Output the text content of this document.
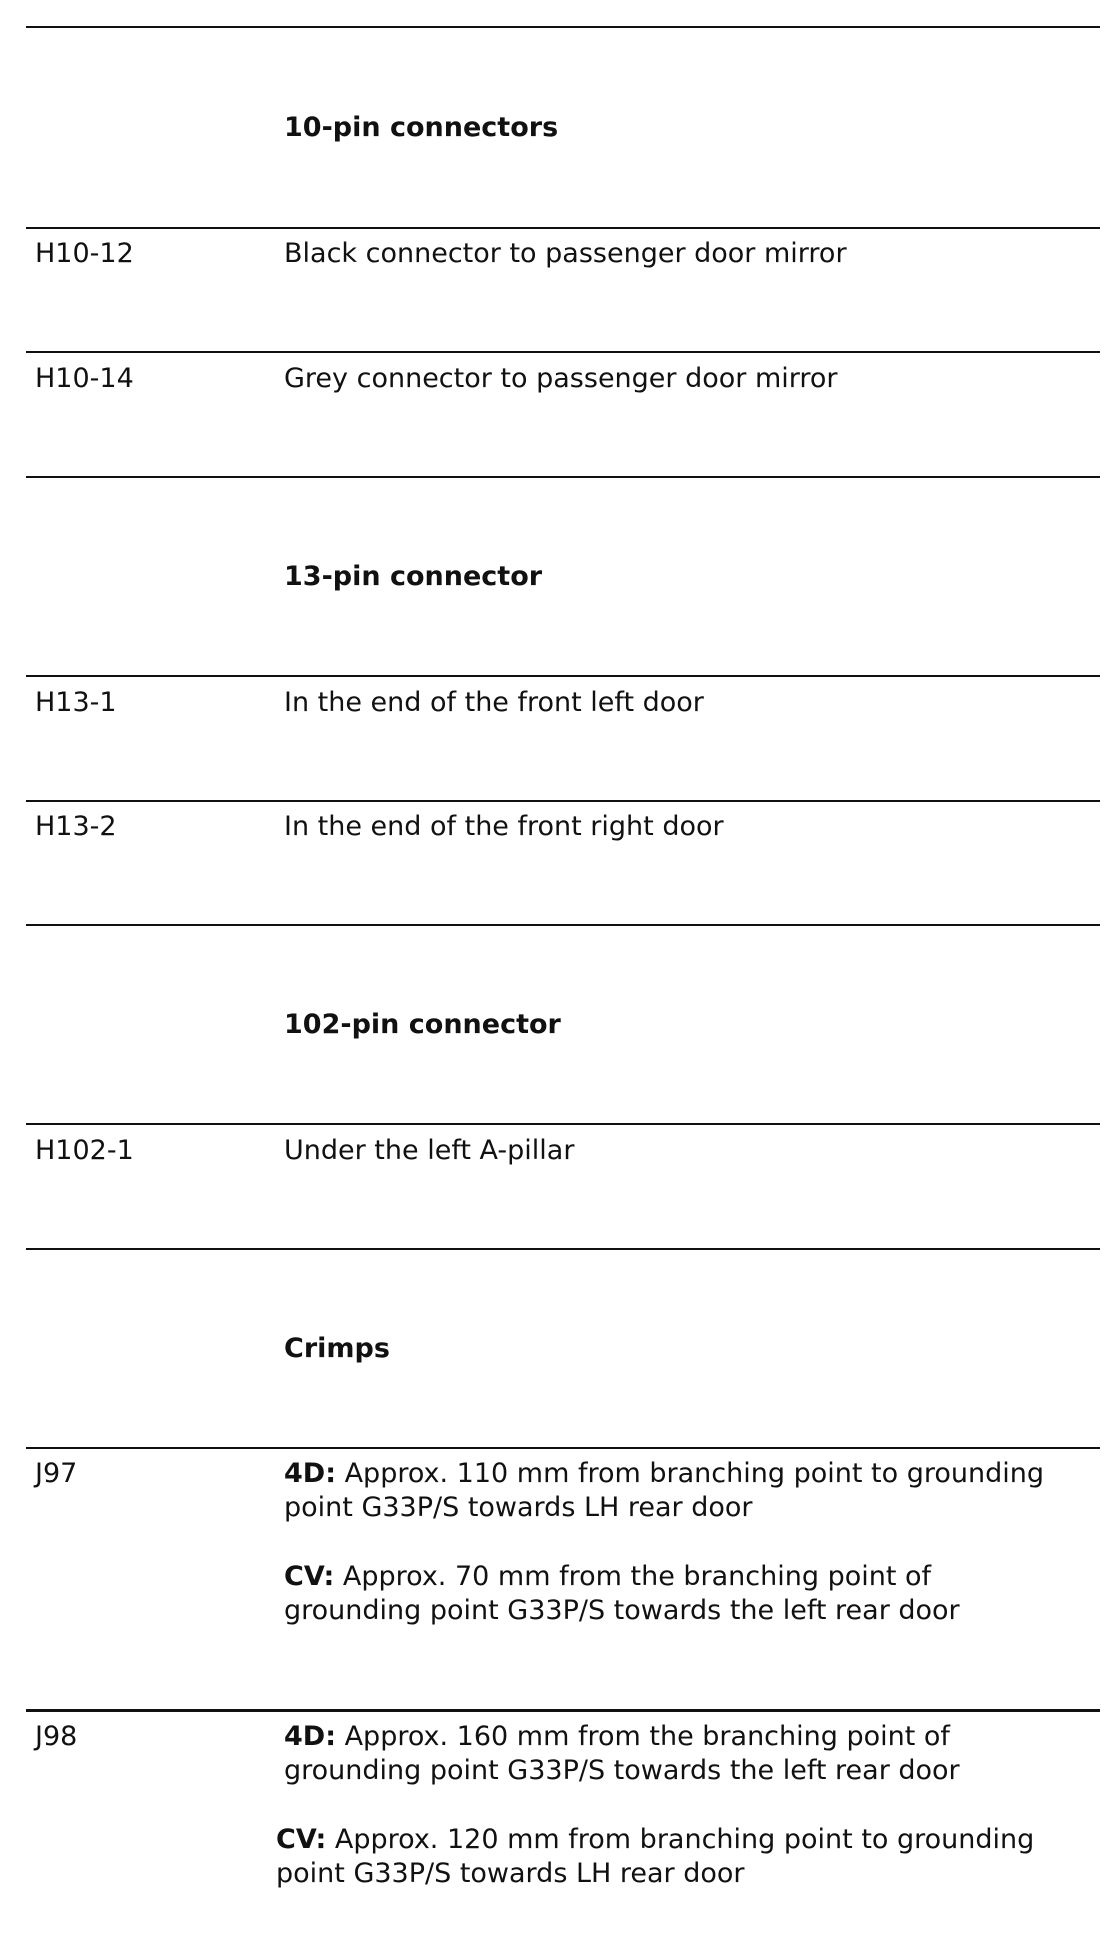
10-pin connectors
H10-12	Black connector to passenger door mirror
H10-14	Grey connector to passenger door mirror
13-pin connector
H13-1	In the end of the front left door
H13-2	In the end of the front right door
102-pin connector
H102-1	Under the left A-pillar
Crimps
J97	4D: Approx. 110 mm from branching point to grounding
point G33P/S towards LH rear door
CV: Approx. 70 mm from the branching point of
grounding point G33P/S towards the left rear door
J98	4D: Approx. 160 mm from the branching point of
grounding point G33P/S towards the left rear door
CV: Approx. 120 mm from branching point to grounding
point G33P/S towards LH rear door
